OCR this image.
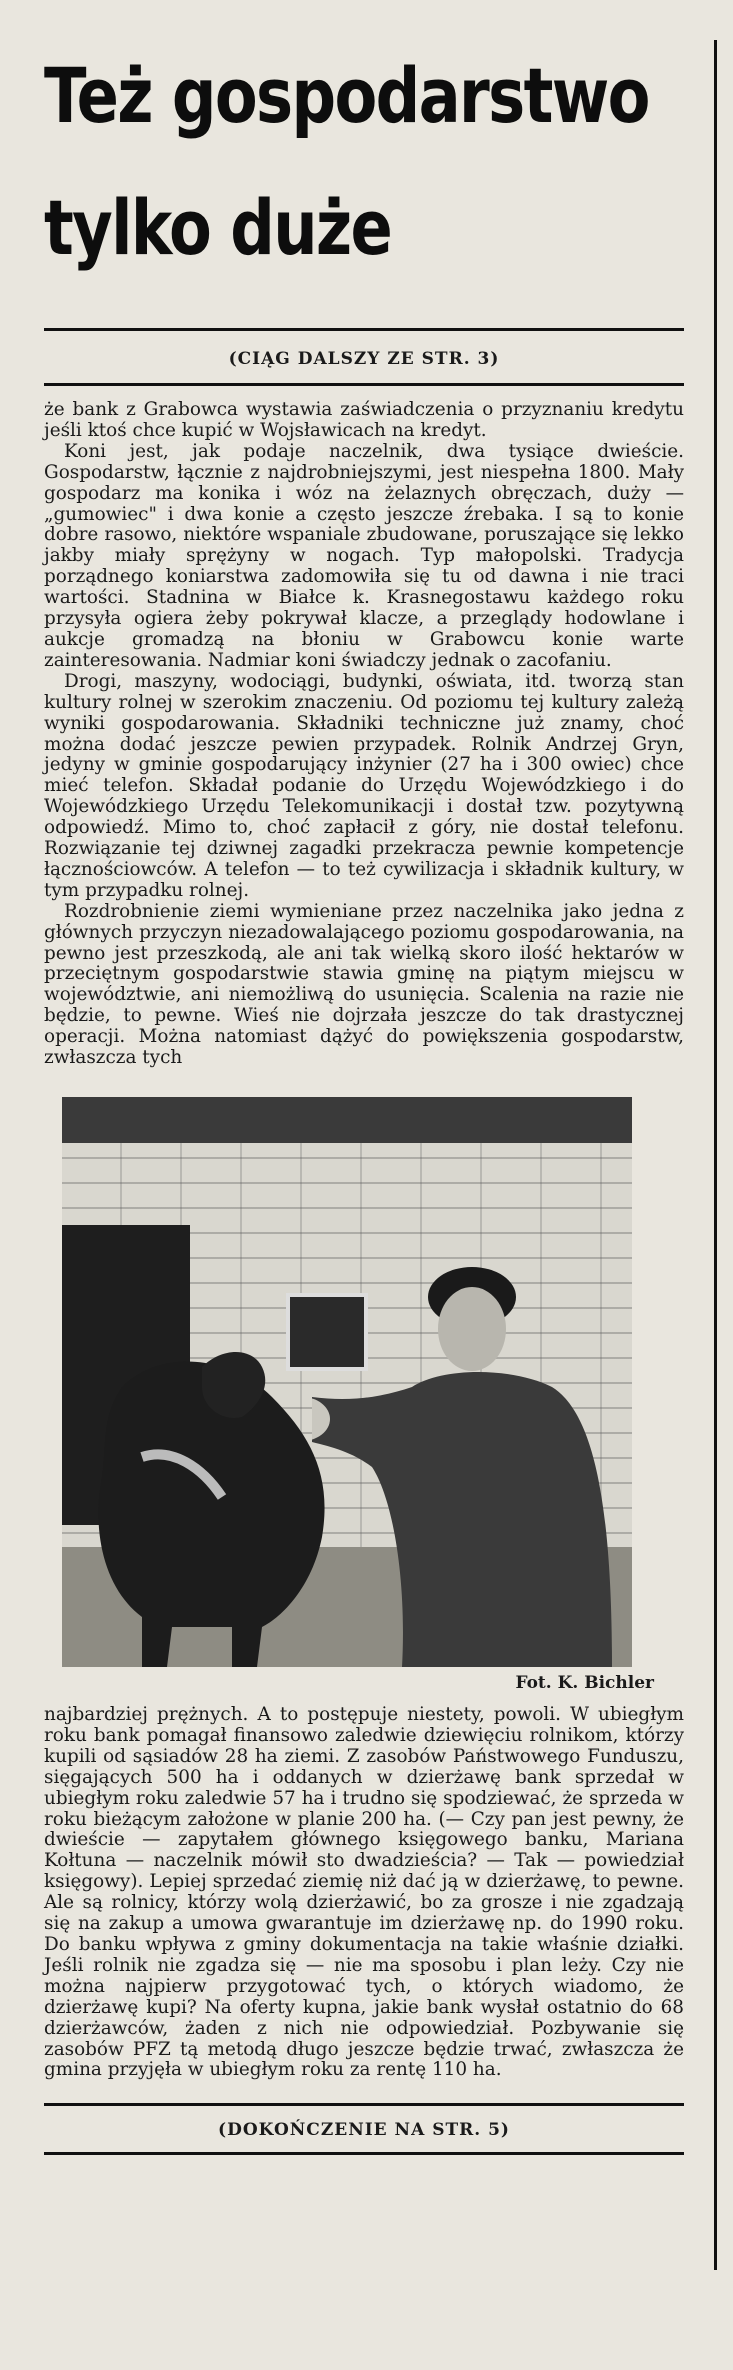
Też gospodarstwo
tylko duże
(CIĄG DALSZY ZE STR. 3)

że bank z Grabowca wystawia zaświadczenia o przyznaniu kredytu jeśli ktoś chce kupić w Wojsławicach na kredyt.

Koni jest, jak podaje naczelnik, dwa tysiące dwieście. Gospodarstw, łącznie z najdrobniejszymi, jest niespełna 1800. Mały gospodarz ma konika i wóz na żelaznych obręczach, duży — „gumowiec" i dwa konie a często jeszcze źrebaka. I są to konie dobre rasowo, niektóre wspaniale zbudowane, poruszające się lekko jakby miały sprężyny w nogach. Typ małopolski. Tradycja porządnego koniarstwa zadomowiła się tu od dawna i nie traci wartości. Stadnina w Białce k. Krasnegostawu każdego roku przysyła ogiera żeby pokrywał klacze, a przeglądy hodowlane i aukcje gromadzą na błoniu w Grabowcu konie warte zainteresowania. Nadmiar koni świadczy jednak o zacofaniu.

Drogi, maszyny, wodociągi, budynki, oświata, itd. tworzą stan kultury rolnej w szerokim znaczeniu. Od poziomu tej kultury zależą wyniki gospodarowania. Składniki techniczne już znamy, choć można dodać jeszcze pewien przypadek. Rolnik Andrzej Gryn, jedyny w gminie gospodarujący inżynier (27 ha i 300 owiec) chce mieć telefon. Składał podanie do Urzędu Wojewódzkiego i do Wojewódzkiego Urzędu Telekomunikacji i dostał tzw. pozytywną odpowiedź. Mimo to, choć zapłacił z góry, nie dostał telefonu. Rozwiązanie tej dziwnej zagadki przekracza pewnie kompetencje łącznościowców. A telefon — to też cywilizacja i składnik kultury, w tym przypadku rolnej.

Rozdrobnienie ziemi wymieniane przez naczelnika jako jedna z głównych przyczyn niezadowalającego poziomu gospodarowania, na pewno jest przeszkodą, ale ani tak wielką skoro ilość hektarów w przeciętnym gospodarstwie stawia gminę na piątym miejscu w województwie, ani niemożliwą do usunięcia. Scalenia na razie nie będzie, to pewne. Wieś nie dojrzała jeszcze do tak drastycznej operacji. Można natomiast dążyć do powiększenia gospodarstw, zwłaszcza tych

Fot. K. Bichler

najbardziej prężnych. A to postępuje niestety, powoli. W ubiegłym roku bank pomagał finansowo zaledwie dziewięciu rolnikom, którzy kupili od sąsiadów 28 ha ziemi. Z zasobów Państwowego Funduszu, sięgających 500 ha i oddanych w dzierżawę bank sprzedał w ubiegłym roku zaledwie 57 ha i trudno się spodziewać, że sprzeda w roku bieżącym założone w planie 200 ha. (— Czy pan jest pewny, że dwieście — zapytałem głównego księgowego banku, Mariana Kołtuna — naczelnik mówił sto dwadzieścia? — Tak — powiedział księgowy). Lepiej sprzedać ziemię niż dać ją w dzierżawę, to pewne. Ale są rolnicy, którzy wolą dzierżawić, bo za grosze i nie zgadzają się na zakup a umowa gwarantuje im dzierżawę np. do 1990 roku. Do banku wpływa z gminy dokumentacja na takie właśnie działki. Jeśli rolnik nie zgadza się — nie ma sposobu i plan leży. Czy nie można najpierw przygotować tych, o których wiadomo, że dzierżawę kupi? Na oferty kupna, jakie bank wysłał ostatnio do 68 dzierżawców, żaden z nich nie odpowiedział. Pozbywanie się zasobów PFZ tą metodą długo jeszcze będzie trwać, zwłaszcza że gmina przyjęła w ubiegłym roku za rentę 110 ha.

(DOKOŃCZENIE NA STR. 5)
